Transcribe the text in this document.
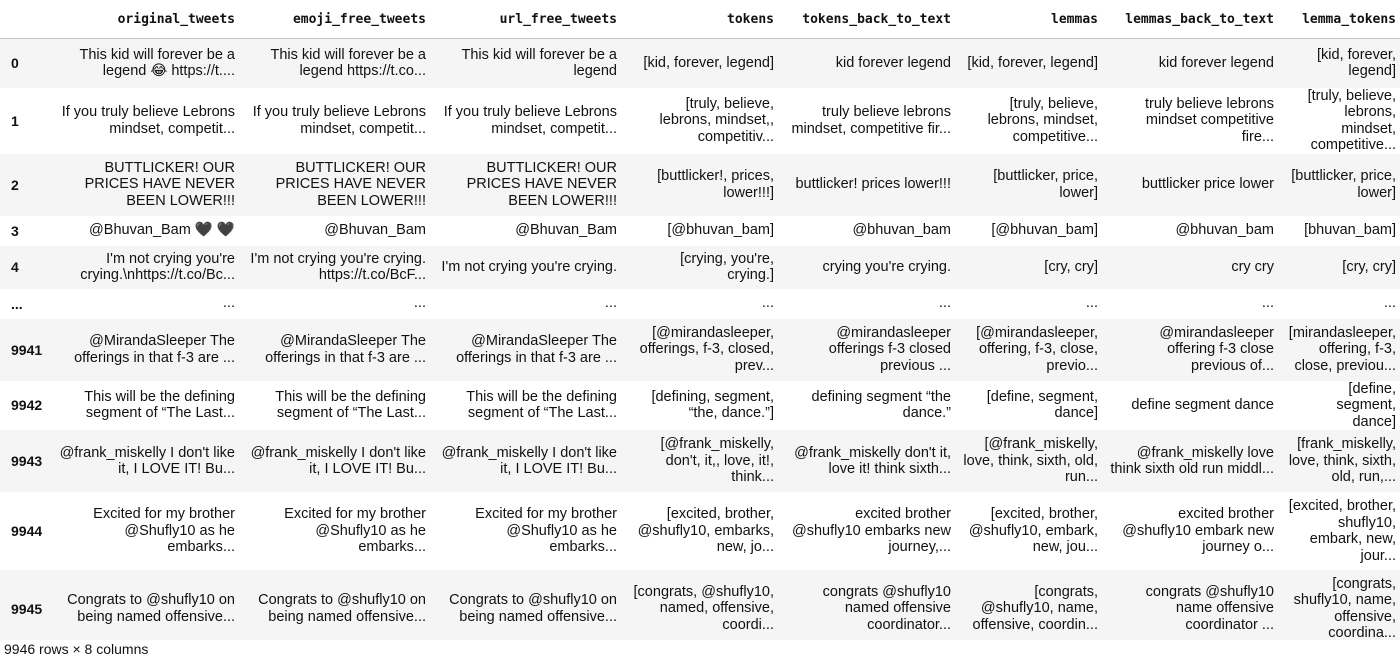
	original_tweets	emoji_free_tweets	url_free_tweets	tokens	tokens_back_to_text	lemmas	lemmas_back_to_text	lemma_tokens
0	This kid will forever be a
legend 😂 https://t....	This kid will forever be a
legend https://t.co...	This kid will forever be a
legend	[kid, forever, legend]	kid forever legend	[kid, forever, legend]	kid forever legend	[kid, forever,
legend]

1	If you truly believe Lebrons
mindset, competit...	If you truly believe Lebrons
mindset, competit...	If you truly believe Lebrons
mindset, competit...	[truly, believe,
lebrons, mindset,,
competitiv...	truly believe lebrons
mindset, competitive fir...	[truly, believe,
lebrons, mindset,
competitive...	truly believe lebrons
mindset competitive fire...	[truly, believe,
lebrons, mindset,
competitive...

2	BUTTLICKER! OUR
PRICES HAVE NEVER
BEEN LOWER!!!	BUTTLICKER! OUR
PRICES HAVE NEVER
BEEN LOWER!!!	BUTTLICKER! OUR
PRICES HAVE NEVER
BEEN LOWER!!!	[buttlicker!, prices,
lower!!!]	buttlicker! prices lower!!!	[buttlicker, price,
lower]	buttlicker price lower	[buttlicker, price,
lower]

3	@Bhuvan_Bam 🖤 🖤	@Bhuvan_Bam	@Bhuvan_Bam	[@bhuvan_bam]	@bhuvan_bam	[@bhuvan_bam]	@bhuvan_bam	[bhuvan_bam]

4	I'm not crying you're
crying.\nhttps://t.co/Bc...	I'm not crying you're crying.
https://t.co/BcF...	I'm not crying you're crying.	[crying, you're,
crying.]	crying you're crying.	[cry, cry]	cry cry	[cry, cry]

...	...	...	...	...	...	...	...	...

9941	@MirandaSleeper The
offerings in that f-3 are ...	@MirandaSleeper The
offerings in that f-3 are ...	@MirandaSleeper The
offerings in that f-3 are ...	[@mirandasleeper,
offerings, f-3, closed,
prev...	@mirandasleeper
offerings f-3 closed
previous ...	[@mirandasleeper,
offering, f-3, close,
previo...	@mirandasleeper
offering f-3 close
previous of...	[mirandasleeper,
offering, f-3,
close, previou...

9942	This will be the defining
segment of “The Last...	This will be the defining
segment of “The Last...	This will be the defining
segment of “The Last...	[defining, segment,
“the, dance.”]	defining segment “the
dance.”	[define, segment,
dance]	define segment dance	[define, segment,
dance]

9943	@frank_miskelly I don't like
it, I LOVE IT! Bu...	@frank_miskelly I don't like
it, I LOVE IT! Bu...	@frank_miskelly I don't like
it, I LOVE IT! Bu...	[@frank_miskelly,
don't, it,, love, it!,
think...	@frank_miskelly don't it,
love it! think sixth...	[@frank_miskelly,
love, think, sixth, old,
run...	@frank_miskelly love
think sixth old run middl...	[frank_miskelly,
love, think, sixth,
old, run,...

9944	Excited for my brother
@Shufly10 as he
embarks...	Excited for my brother
@Shufly10 as he
embarks...	Excited for my brother
@Shufly10 as he
embarks...	[excited, brother,
@shufly10, embarks,
new, jo...	excited brother
@shufly10 embarks new
journey,...	[excited, brother,
@shufly10, embark,
new, jou...	excited brother
@shufly10 embark new
journey o...	[excited, brother,
shufly10,
embark, new,
jour...

9945	Congrats to @shufly10 on
being named offensive...	Congrats to @shufly10 on
being named offensive...	Congrats to @shufly10 on
being named offensive...	[congrats, @shufly10,
named, offensive,
coordi...	congrats @shufly10
named offensive
coordinator...	[congrats,
@shufly10, name,
offensive, coordin...	congrats @shufly10
name offensive
coordinator ...	[congrats,
shufly10, name,
offensive,
coordina...
9946 rows × 8 columns
